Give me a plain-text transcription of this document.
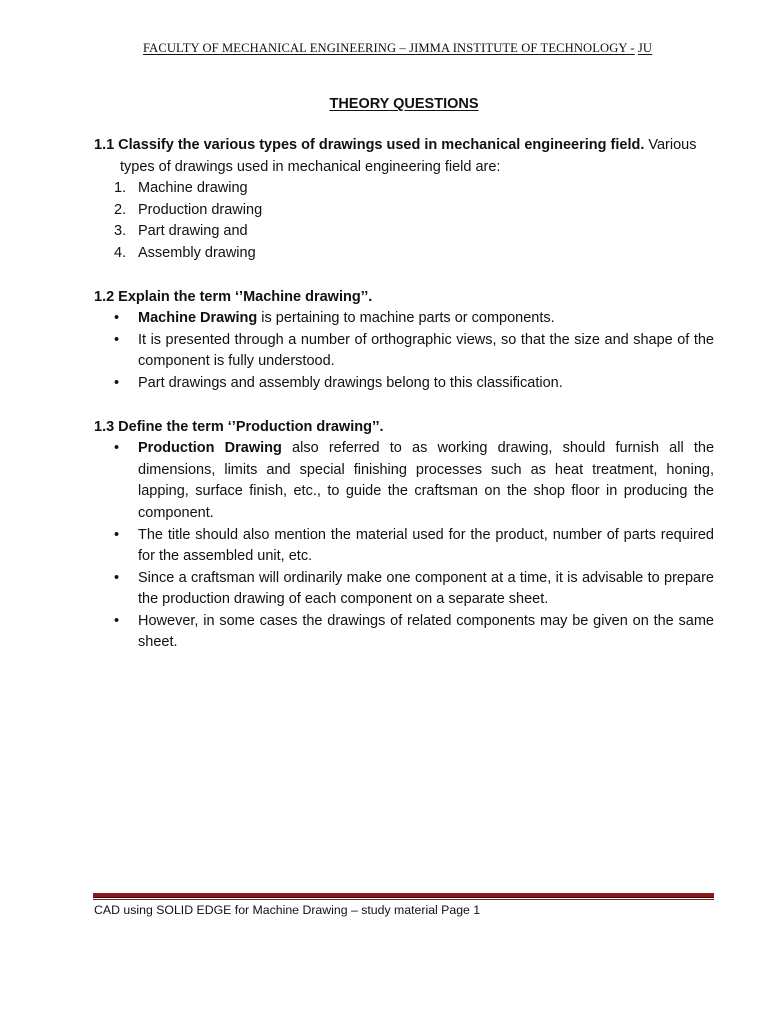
FACULTY OF MECHANICAL ENGINEERING – JIMMA INSTITUTE OF TECHNOLOGY - JU
THEORY QUESTIONS

1.1 Classify the various types of drawings used in mechanical engineering field. Various
types of drawings used in mechanical engineering field are:

1. Machine drawing
2. Production drawing
3. Part drawing and
4. Assembly drawing

1.2 Explain the term ‘’Machine drawing’’.

• Machine Drawing is pertaining to machine parts or components.
• It is presented through a number of orthographic views, so that the size and shape of the component is fully understood.
• Part drawings and assembly drawings belong to this classification.

1.3 Define the term ‘’Production drawing’’.

• Production Drawing also referred to as working drawing, should furnish all the dimensions, limits and special finishing processes such as heat treatment, honing, lapping, surface finish, etc., to guide the craftsman on the shop floor in producing the component.
• The title should also mention the material used for the product, number of parts required for the assembled unit, etc.
• Since a craftsman will ordinarily make one component at a time, it is advisable to prepare the production drawing of each component on a separate sheet.
• However, in some cases the drawings of related components may be given on the same sheet.
CAD using SOLID EDGE for Machine Drawing – study material Page 1
